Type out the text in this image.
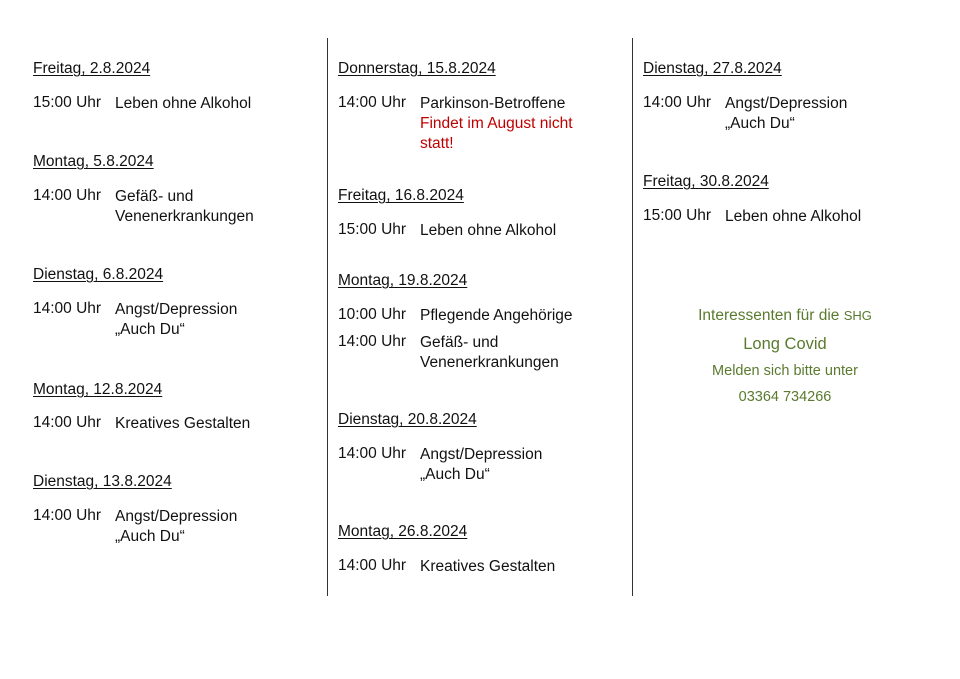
Freitag, 2.8.2024
15:00 Uhr Leben ohne Alkohol
Montag, 5.8.2024
14:00 Uhr Gefäß- und
Venenerkrankungen
Dienstag, 6.8.2024
14:00 Uhr Angst/Depression
„Auch Du“
Montag, 12.8.2024
14:00 Uhr Kreatives Gestalten
Dienstag, 13.8.2024
14:00 Uhr Angst/Depression
„Auch Du“
Donnerstag, 15.8.2024
14:00 Uhr Parkinson-Betroffene
Findet im August nicht
statt!
Freitag, 16.8.2024
15:00 Uhr Leben ohne Alkohol
Montag, 19.8.2024
10:00 Uhr Pflegende Angehörige
14:00 Uhr Gefäß- und
Venenerkrankungen
Dienstag, 20.8.2024
14:00 Uhr Angst/Depression
„Auch Du“
Montag, 26.8.2024
14:00 Uhr Kreatives Gestalten
Dienstag, 27.8.2024
14:00 Uhr Angst/Depression
„Auch Du“
Freitag, 30.8.2024
15:00 Uhr Leben ohne Alkohol
Interessenten für die SHG
Long Covid
Melden sich bitte unter
03364 734266
